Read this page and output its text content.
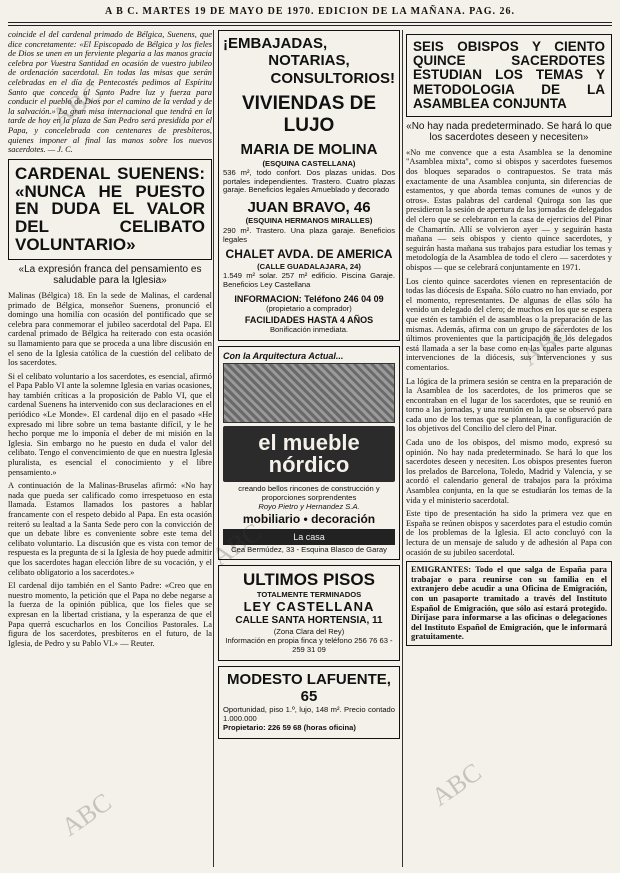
A B C. MARTES 19 DE MAYO DE 1970. EDICION DE LA MAÑANA. PAG. 26.

coincide el del cardenal primado de Bélgica, Suenens, que dice concretamente: «El Episcopado de Bélgica y los fieles de Dios se unen en un ferviente plegaria a las manos gracia celebra por Vuestra Santidad en ocasión de vuestro jubileo de ordenación sacerdotal. En todas las misas que serán celebradas en el día de Pentecostés pedimos al Espíritu Santo que conceda al Santo Padre luz y fuerza para conducir el pueblo de Dios por el camino de la verdad y de la salvación.» La gran misa internacional que tendrá en la tarde de hoy en la plaza de San Pedro será presidida por el Papa, y concelebrada con centenares de presbíteros, quienes imponer al final las manos sobre los nuevos sacerdotes. — J. C.

CARDENAL SUENENS: «NUNCA HE PUESTO EN DUDA EL VALOR DEL CELIBATO VOLUNTARIO»

«La expresión franca del pensamiento es saludable para la Iglesia»

Malinas (Bélgica) 18. En la sede de Malinas, el cardenal primado de Bélgica, monseñor Suenens, pronunció el domingo una homilía con ocasión del pontificado que se celebra para conmemorar el jubileo sacerdotal del Papa. El cardenal primado de Bélgica ha reiterado con esta ocasión su llamamiento para que se proceda a una libre discusión en el seno de la Iglesia católica de la cuestión del celibato de los sacerdotes.

Si el celibato voluntario a los sacerdotes, es esencial, afirmó el Papa Pablo VI ante la solemne Iglesia en varias ocasiones, hay también críticas a la proposición de Pablo VI, que el cardenal Suenens ha intervenido con sus declaraciones en el periódico «Le Monde». El cardenal dijo en el pasado «He expresado mi libre sobre un tema bastante difícil, y le he hecho porque me lo imponía el deber de mi misión en la Iglesia. Sin embargo no he puesto en duda el valor del celibato. Tengo el convencimiento de que en nuestra Iglesia pluralista, es esencial el conocimiento y el libre pensamiento.»

A continuación de la Malinas-Bruselas afirmó: «No hay nada que pueda ser calificado como irrespetuoso en esta llamada. Estamos llamados los pastores a hablar francamente con el respeto debido al Papa. En esta ocasión reiteró su lealtad a la Santa Sede pero con la convicción de que un debate libre es conveniente sobre este tema del celibato voluntario. La discusión que es vista con temor de respuesta es la pregunta de si la Iglesia de hoy puede admitir que los sacerdotes hagan elección libre de su vocación, y el celibato obligatorio a los sacerdotes.»

El cardenal dijo también en el Santo Padre: «Creo que en nuestro momento, la petición que el Papa no debe negarse a la fuerza de la opinión pública, que los fieles que se expresan en la libertad cristiana, y la esperanza de que el Papa querrá escucharlos en los Concilios Pastorales. La figura de los sacerdotes, presbíteros en el futuro, de la Iglesia, de Pedro y su Pablo VI.» — Reuter.

¡EMBAJADAS,

NOTARIAS,

CONSULTORIOS!

VIVIENDAS DE LUJO

MARIA DE MOLINA

(ESQUINA CASTELLANA)

536 m², todo confort. Dos plazas unidas. Dos portales independientes. Trastero. Cuatro plazas garaje. Beneficios legales Amueblado y decorado

JUAN BRAVO, 46

(ESQUINA HERMANOS MIRALLES)

290 m². Trastero. Una plaza garaje. Beneficios legales

CHALET AVDA. DE AMERICA

(CALLE GUADALAJARA, 24)

1.549 m² solar. 257 m² edificio. Piscina Garaje. Beneficios Ley Castellana

INFORMACION: Teléfono 246 04 09

(propietario a comprador)

FACILIDADES HASTA 4 AÑOS

Bonificación inmediata.

Con la Arquitectura Actual...

el mueble
nórdico

creando bellos rincones de construcción y proporciones sorprendentes

Royo Pietro y Hernandez S.A.

mobiliario • decoración

La casa

Cea Bermúdez, 33 - Esquina Blasco de Garay

ULTIMOS PISOS

TOTALMENTE TERMINADOS

LEY CASTELLANA

CALLE SANTA HORTENSIA, 11

(Zona Clara del Rey)

Información en propia finca y teléfono 256 76 63 - 259 31 09

MODESTO LAFUENTE, 65

Oportunidad, piso 1.º, lujo, 148 m². Precio contado 1.000.000

Propietario: 226 59 68 (horas oficina)

SEIS OBISPOS Y CIENTO QUINCE SACERDOTES ESTUDIAN LOS TEMAS Y METODOLOGIA DE LA ASAMBLEA CONJUNTA

«No hay nada predeterminado. Se hará lo que los sacerdotes deseen y necesiten»

«No me convence que a esta Asamblea se la denomine "Asamblea mixta", como si obispos y sacerdotes fuesemos dos bloques separados o contrapuestos. Se trata más exactamente de una Asamblea conjunta, sin diferencias de estamentos, y que aborda temas comunes de «unos y de otros». Estas palabras del cardenal Quiroga son las que presidieron la sesión de apertura de las jornadas de delegados del clero que se celebraron en la casa de ejercicios del Pinar de Chamartín. Allí se volvieron ayer — y seguirán hasta mañana — seis obispos y ciento quince sacerdotes, y seguirán hasta mañana sus trabajos para estudiar los temas y metodología de la Asamblea de todo el clero — sacerdotes y obispos — que se celebrará conjuntamente en 1971.

Los ciento quince sacerdotes vienen en representación de todas las diócesis de España. Sólo cuatro no han enviado, por el momento, representantes. De algunas de ellas sólo ha venido un delegado del clero; de muchos en los que se espera que estén es también el de asambleas o la preparación de las mismas. Además, afirma con un grupo de sacerdotes de los últimos provenientes que la participación de los delegados está llamada a ser la base como en las cuales parte algunas intervenciones de la diócesis, sus intervenciones y sus comentarios.

La lógica de la primera sesión se centra en la preparación de la Asamblea de los sacerdotes, de los primeros que se encontraban en el lugar de los sacerdotes, que se reunió en torno a las jornadas, y una reunión en la que se observó para cada uno de los temas que se plantean, la configuración de los objetivos del Concilio del clero del Pinar.

Cada uno de los obispos, del mismo modo, expresó su opinión. No hay nada predeterminado. Se hará lo que los sacerdotes deseen y necesiten. Los obispos presentes fueron los prelados de Barcelona, Toledo, Madrid y Valencia, y se acordó el calendario general de trabajos para la próxima Asamblea conjunta, en la que se estudiarán los temas de la vida y el ministerio sacerdotal.

Este tipo de presentación ha sido la primera vez que en España se reúnen obispos y sacerdotes para el estudio común de los problemas de la Iglesia. El acto concluyó con la lectura de un mensaje de saludo y de adhesión al Papa con ocasión de su jubileo sacerdotal.

EMIGRANTES: Todo el que salga de España para trabajar o para reunirse con su familia en el extranjero debe acudir a una Oficina de Emigración, con un pasaporte tramitado a través del Instituto Español de Emigración, que sólo así estará protegido. Diríjase para informarse a las oficinas o delegaciones del Instituto Español de Emigración, que le informará gratuitamente.

ABC
ABC
ABC
ABC
ABC
